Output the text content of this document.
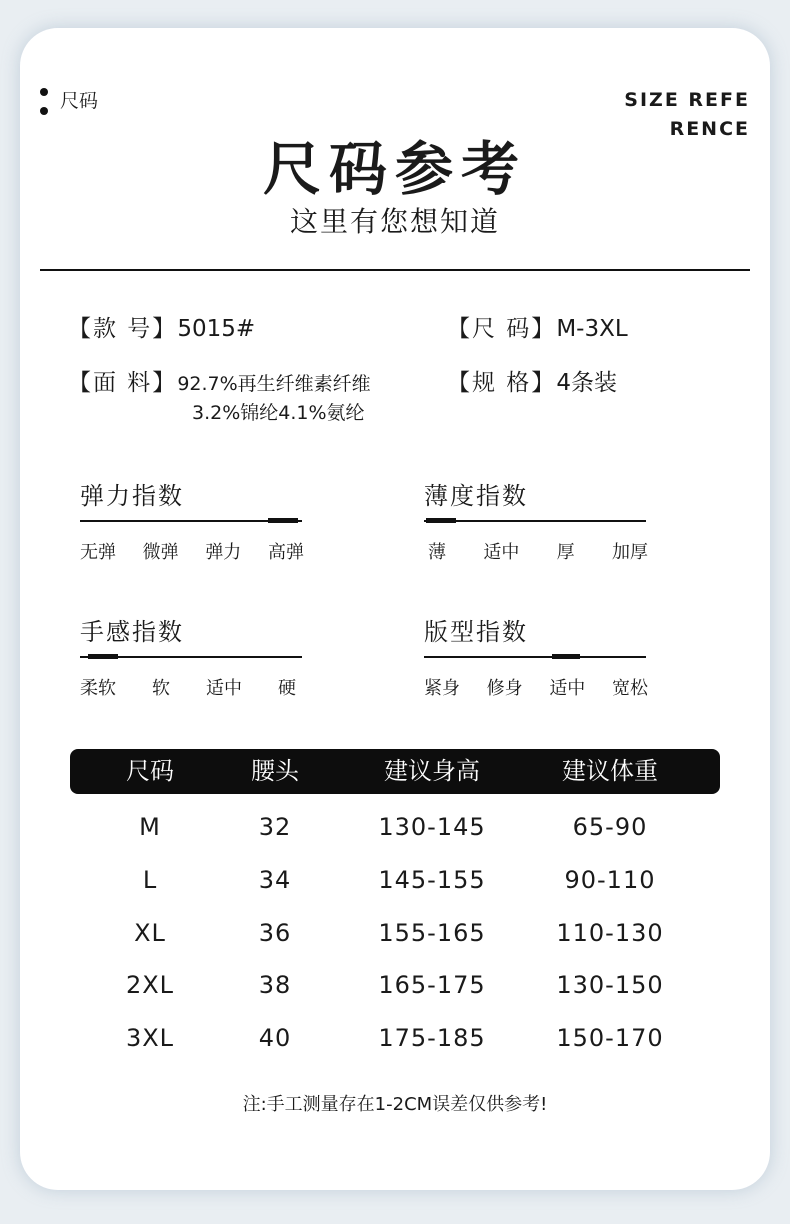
尺码	SIZE REFERENCE
尺码参考
这里有您想知道
【款 号】5015#	【尺 码】M-3XL
【面 料】92.7%再生纤维素纤维
3.2%锦纶4.1%氨纶
【规 格】4条装
弹力指数
无弹 微弹 弹力 高弹
薄度指数
薄 适中 厚 加厚
手感指数
柔软 软 适中 硬
版型指数
紧身 修身 适中 宽松
尺码	腰头	建议身高	建议体重
M	32	130-145	65-90
L	34	145-155	90-110
XL	36	155-165	110-130
2XL	38	165-175	130-150
3XL	40	175-185	150-170
注:手工测量存在1-2CM误差仅供参考!
